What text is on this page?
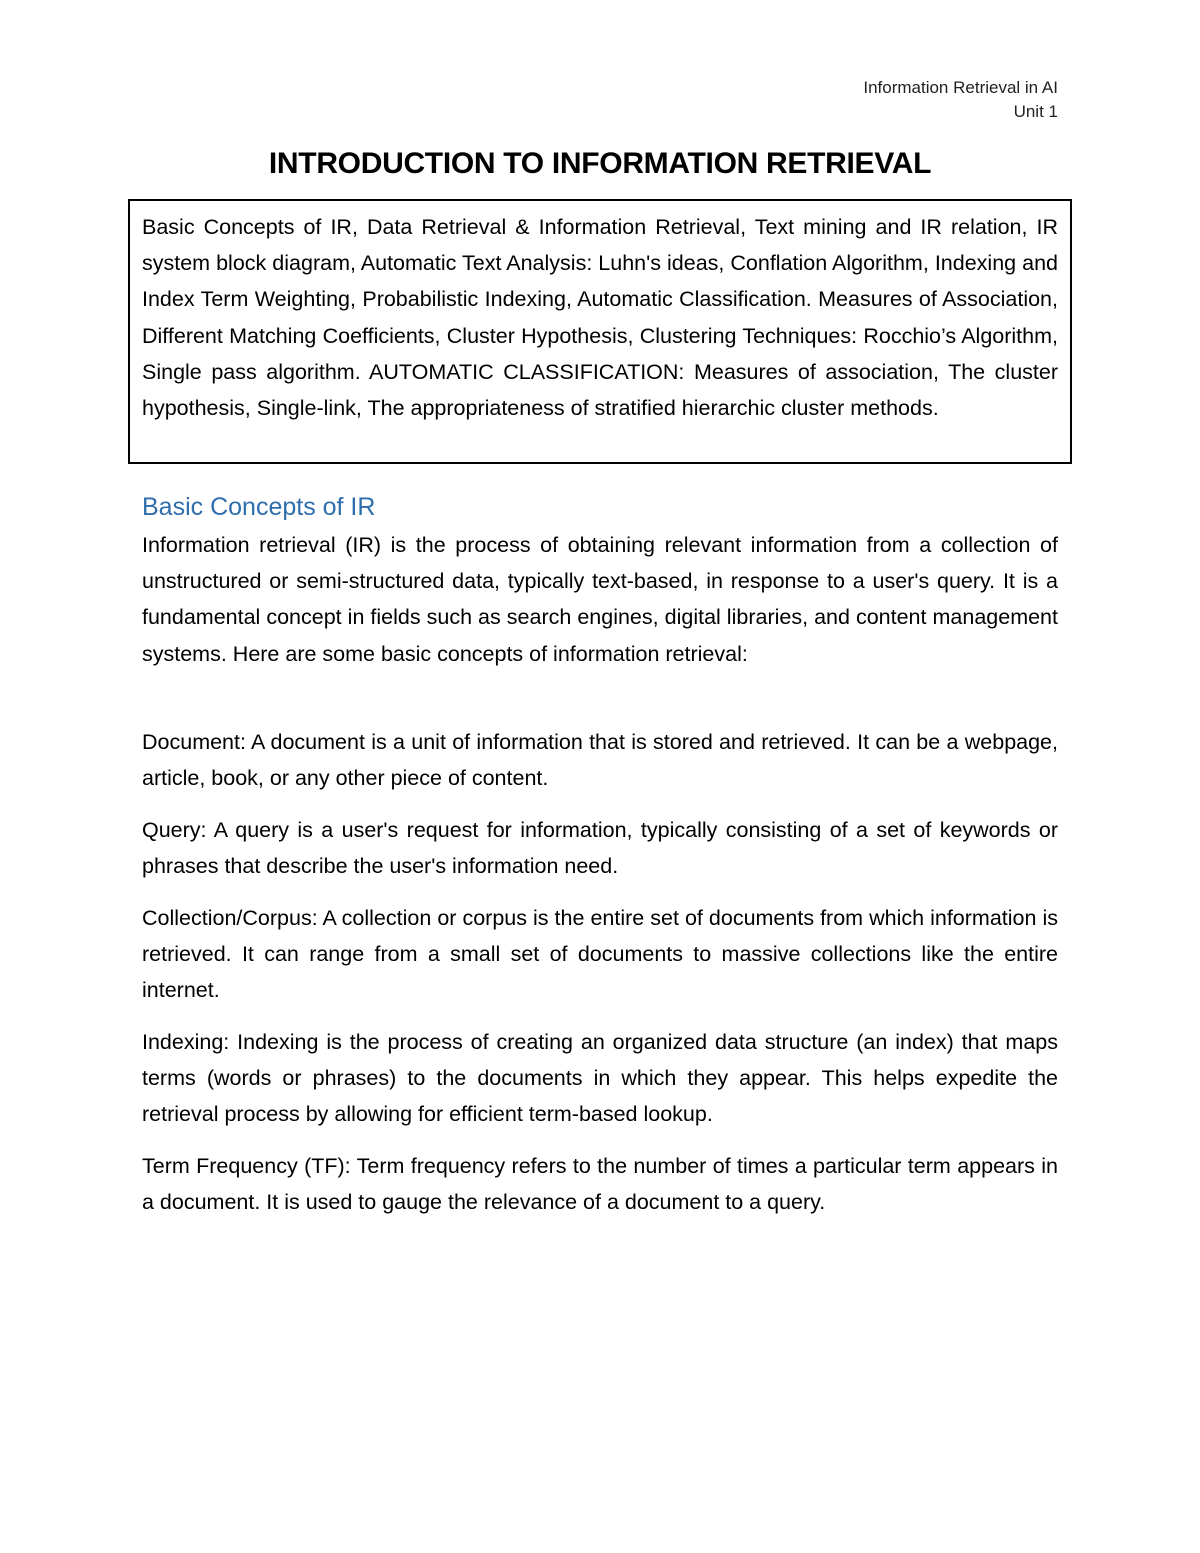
Information Retrieval in AI
Unit 1
INTRODUCTION TO INFORMATION RETRIEVAL
Basic Concepts of IR, Data Retrieval & Information Retrieval, Text mining and IR relation, IR system block diagram, Automatic Text Analysis: Luhn's ideas, Conflation Algorithm, Indexing and Index Term Weighting, Probabilistic Indexing, Automatic Classification. Measures of Association, Different Matching Coefficients, Cluster Hypothesis, Clustering Techniques: Rocchio’s Algorithm, Single pass algorithm. AUTOMATIC CLASSIFICATION: Measures of association, The cluster hypothesis, Single-link, The appropriateness of stratified hierarchic cluster methods.
Basic Concepts of IR

Information retrieval (IR) is the process of obtaining relevant information from a collection of unstructured or semi-structured data, typically text-based, in response to a user's query. It is a fundamental concept in fields such as search engines, digital libraries, and content management systems. Here are some basic concepts of information retrieval:

Document: A document is a unit of information that is stored and retrieved. It can be a webpage, article, book, or any other piece of content.

Query: A query is a user's request for information, typically consisting of a set of keywords or phrases that describe the user's information need.

Collection/Corpus: A collection or corpus is the entire set of documents from which information is retrieved. It can range from a small set of documents to massive collections like the entire internet.

Indexing: Indexing is the process of creating an organized data structure (an index) that maps terms (words or phrases) to the documents in which they appear. This helps expedite the retrieval process by allowing for efficient term-based lookup.

Term Frequency (TF): Term frequency refers to the number of times a particular term appears in a document. It is used to gauge the relevance of a document to a query.
